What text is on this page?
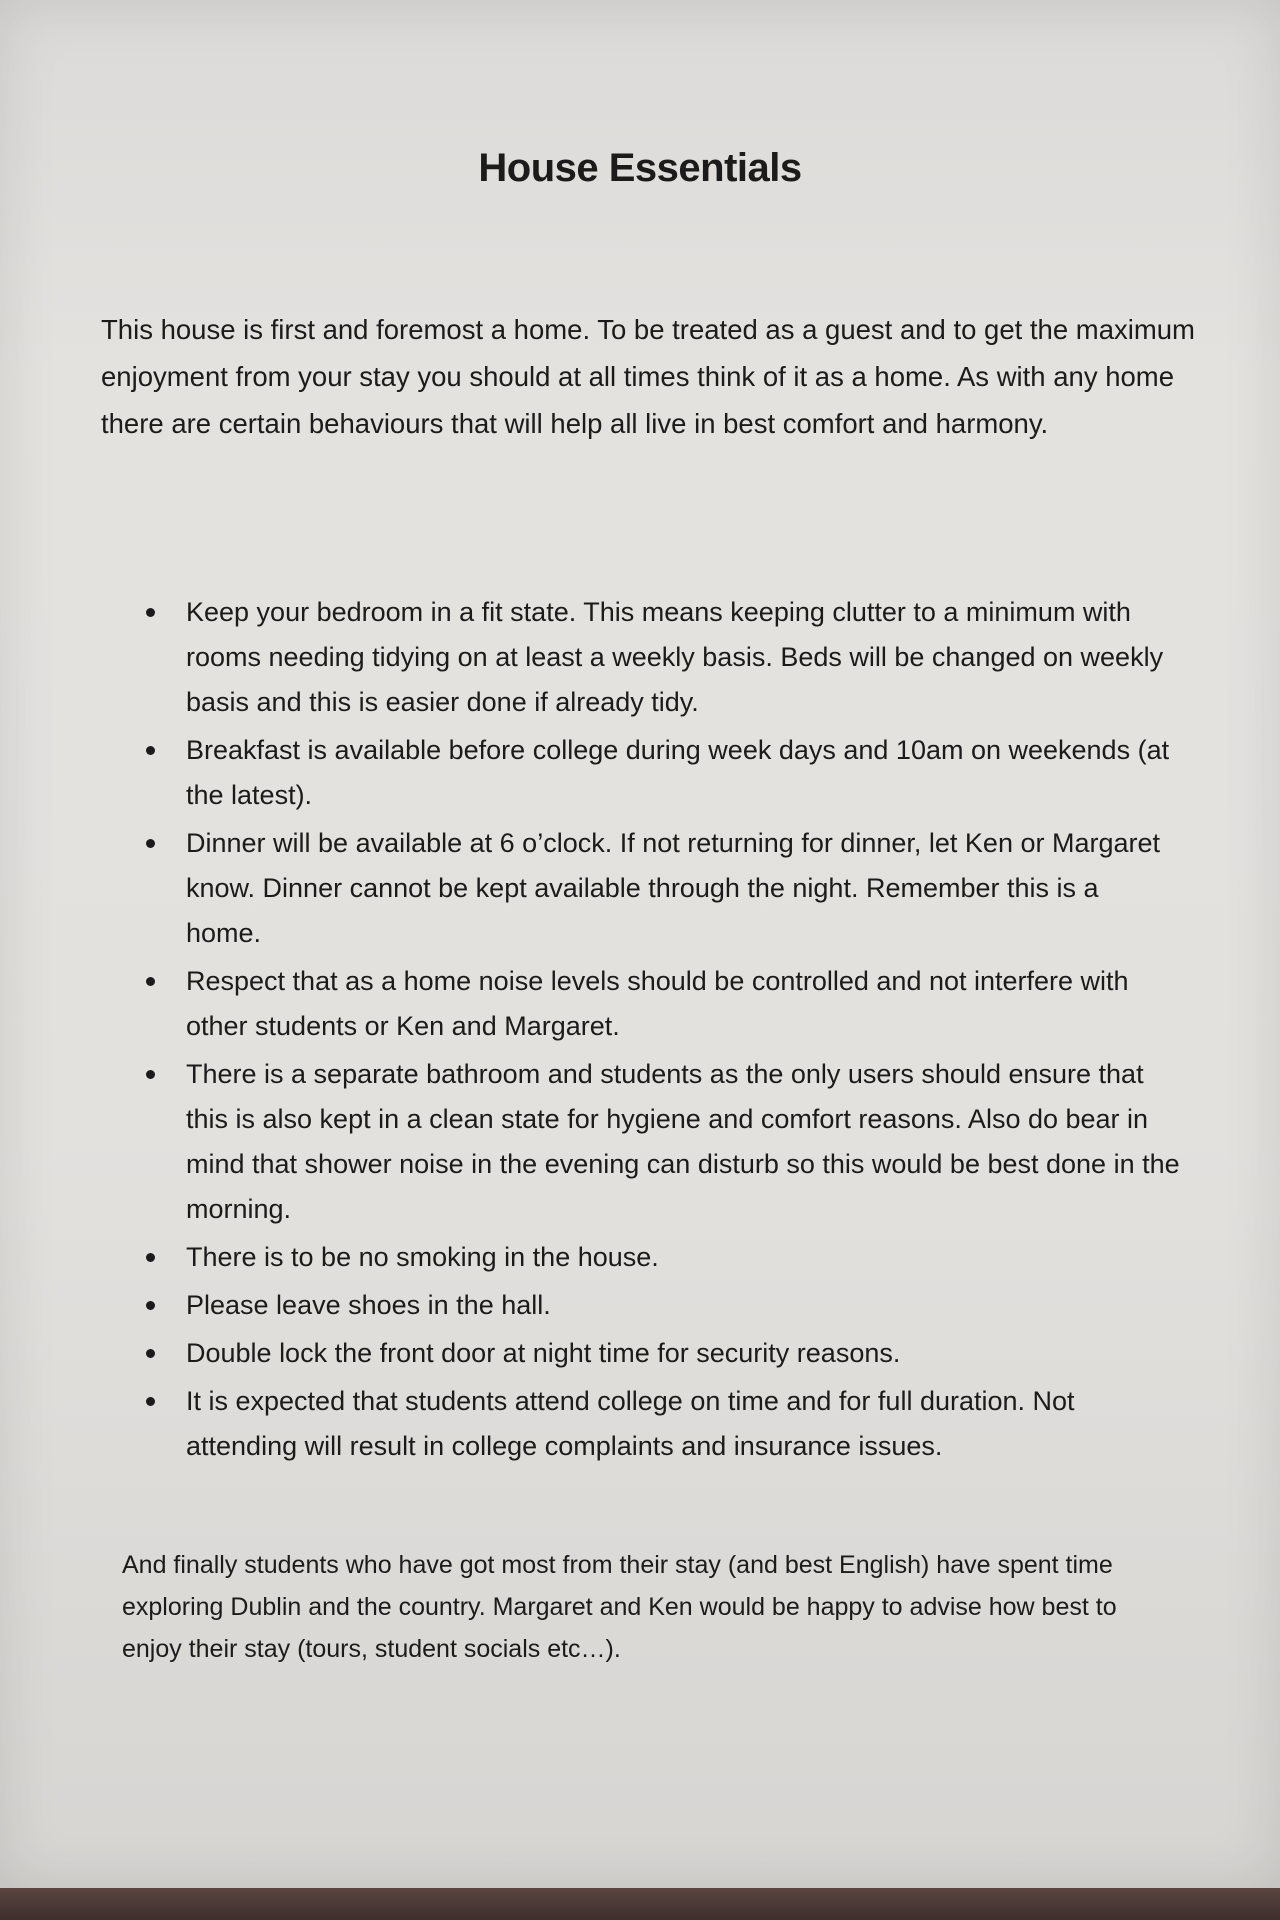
House Essentials

This house is first and foremost a home. To be treated as a guest and to get the maximum enjoyment from your stay you should at all times think of it as a home. As with any home there are certain behaviours that will help all live in best comfort and harmony.

Keep your bedroom in a fit state. This means keeping clutter to a minimum with rooms needing tidying on at least a weekly basis. Beds will be changed on weekly basis and this is easier done if already tidy.
Breakfast is available before college during week days and 10am on weekends (at the latest).
Dinner will be available at 6 o’clock. If not returning for dinner, let Ken or Margaret know. Dinner cannot be kept available through the night. Remember this is a home.
Respect that as a home noise levels should be controlled and not interfere with other students or Ken and Margaret.
There is a separate bathroom and students as the only users should ensure that this is also kept in a clean state for hygiene and comfort reasons. Also do bear in mind that shower noise in the evening can disturb so this would be best done in the morning.
There is to be no smoking in the house.
Please leave shoes in the hall.
Double lock the front door at night time for security reasons.
It is expected that students attend college on time and for full duration. Not attending will result in college complaints and insurance issues.

And finally students who have got most from their stay (and best English) have spent time exploring Dublin and the country. Margaret and Ken would be happy to advise how best to enjoy their stay (tours, student socials etc…).
